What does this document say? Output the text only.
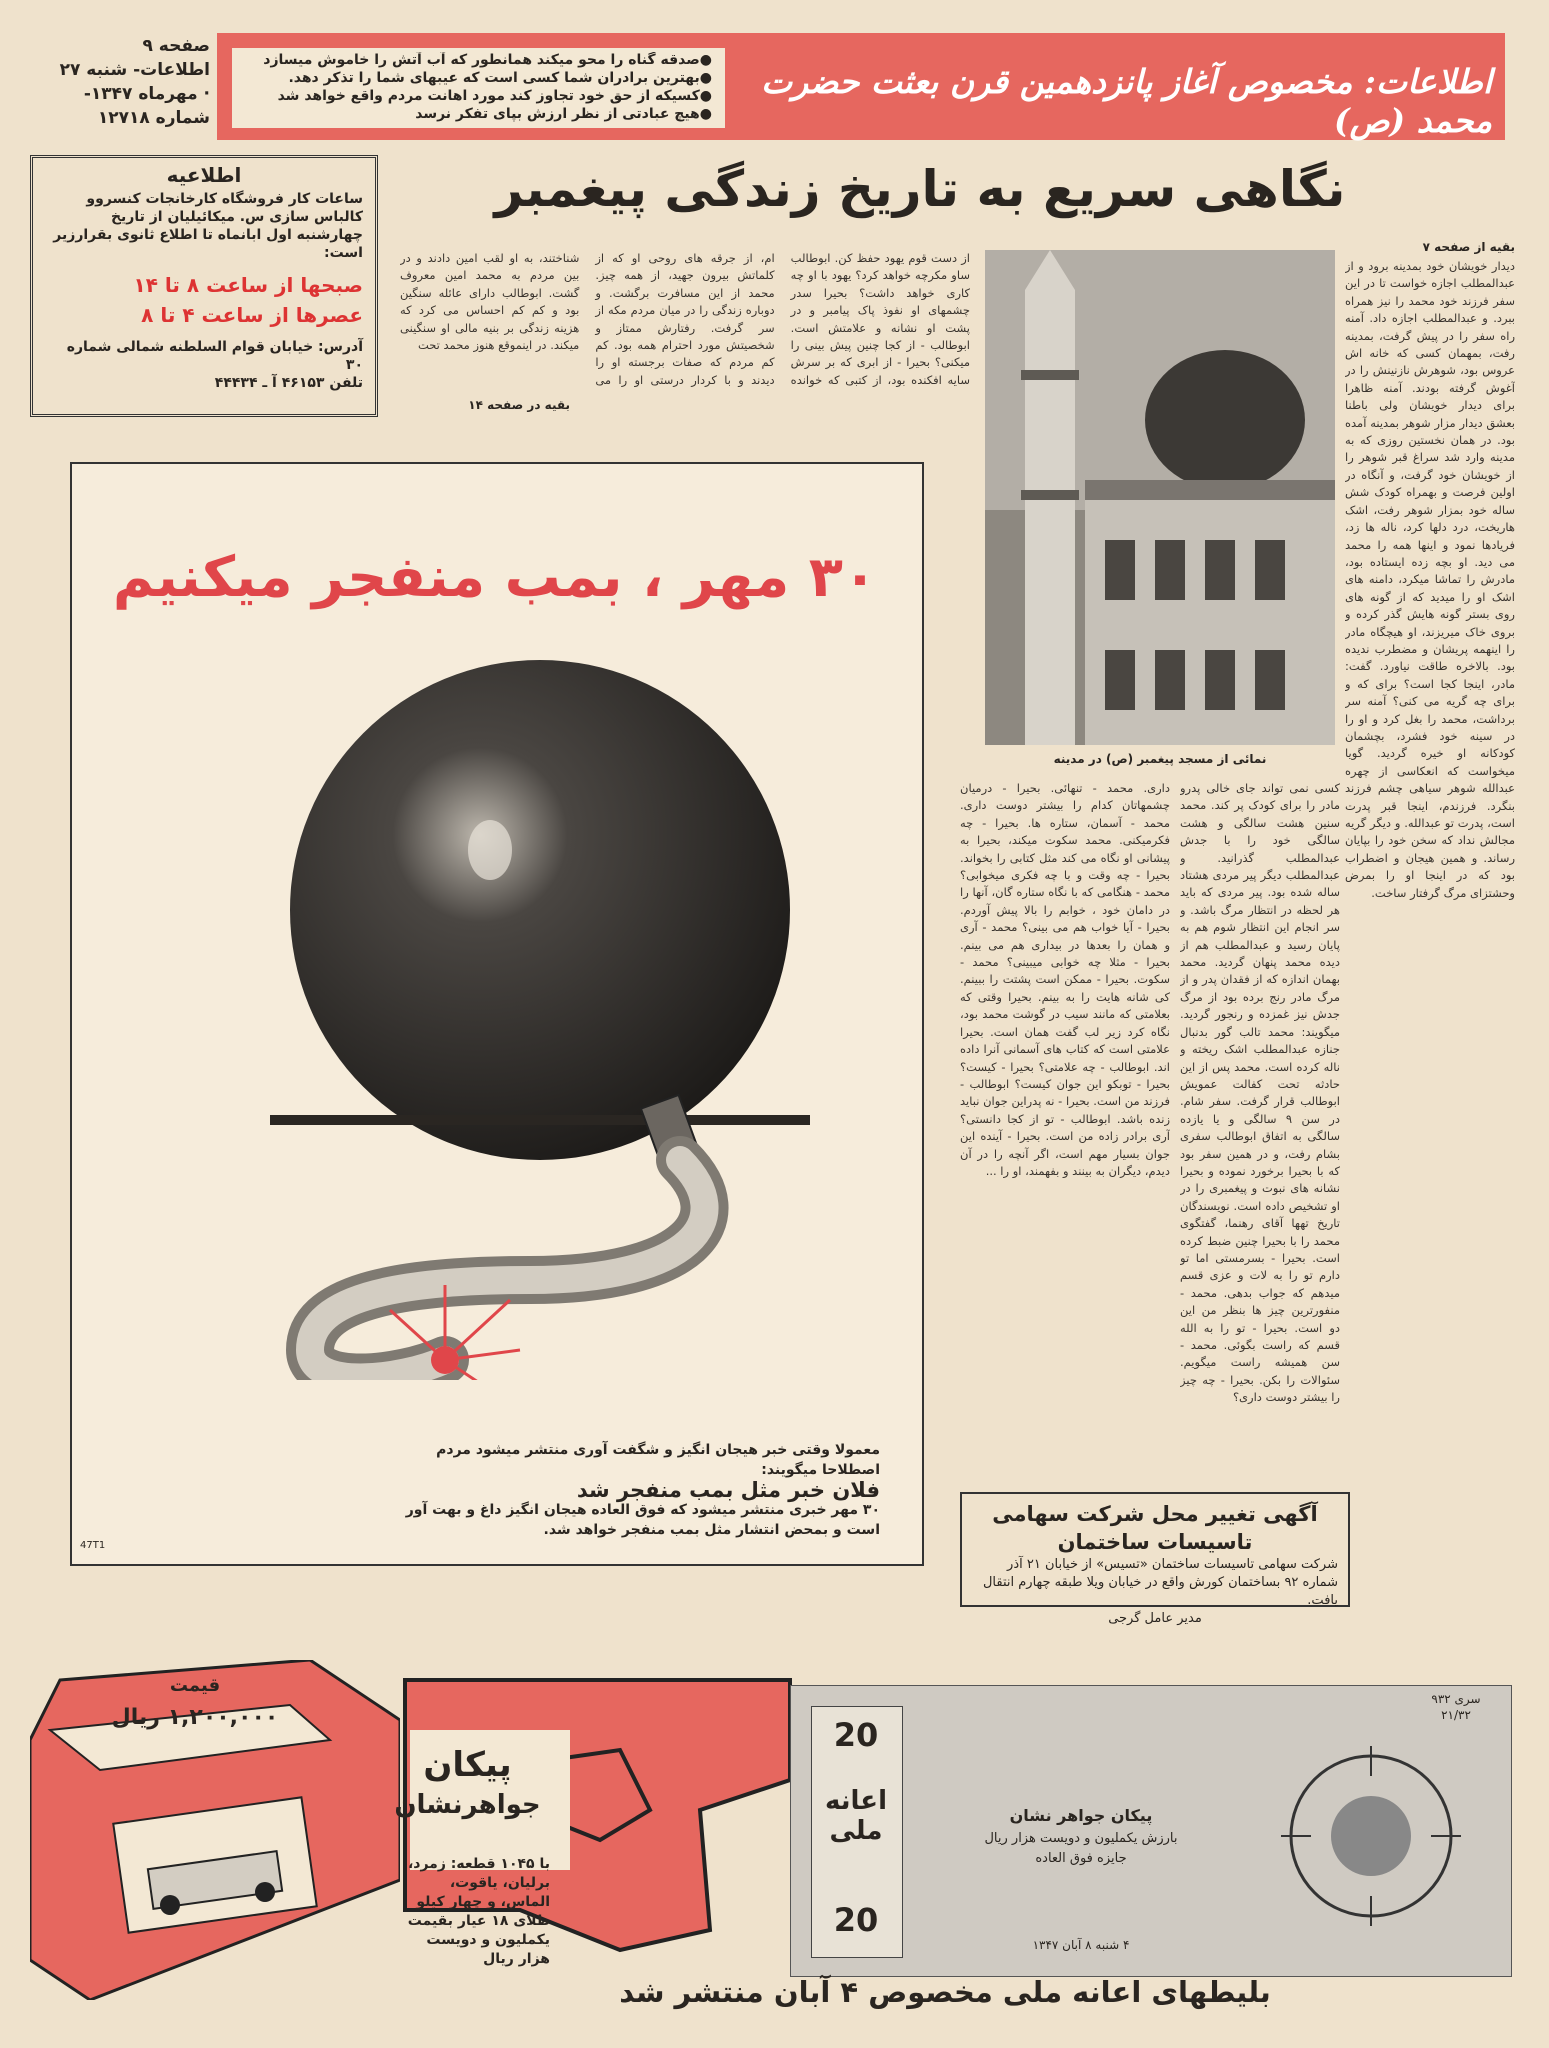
اطلاعات: مخصوص آغاز پانزدهمین قرن بعثت حضرت محمد (ص)
● صدقه گناه را محو میکند همانطور که آب آتش را خاموش میسازد
● بهترین برادران شما کسی است که عیبهای شما را تذکر دهد.
● کسیکه از حق خود تجاوز کند مورد اهانت مردم واقع خواهد شد
● هیچ عبادتی از نظر ارزش بپای تفکر نرسد
صفحه ۹
اطلاعات- شنبه ۲۷
· مهرماه ۱۳۴۷-
شماره ۱۲۷۱۸
نگاهی سریع به تاریخ زندگی پیغمبر
اطلاعیه
ساعات کار فروشگاه کارخانجات کنسروو کالباس سازی س. میکائیلیان از تاریخ چهارشنبه اول ابانماه تا اطلاع ثانوی بقرارزیر است:
صبحها از ساعت ۸ تا ۱۴
عصرها از ساعت ۴ تا ۸
آدرس: خیابان قوام السلطنه شمالی شماره ۳۰
تلفن ۴۶۱۵۳ آ ـ ۴۴۴۳۴
بقیه از صفحه ۷
دیدار خویشان خود بمدینه برود و از عبدالمطلب اجازه خواست تا در این سفر فرزند خود محمد را نیز همراه ببرد. و عبدالمطلب اجازه داد. آمنه راه سفر را در پیش گرفت، بمدینه رفت، بمهمان کسی که خانه اش عروس بود، شوهرش نازنینش را در آغوش گرفته بودند. آمنه ظاهرا برای دیدار خویشان ولی باطنا بعشق دیدار مزار شوهر بمدینه آمده بود. در همان نخستین روزی که به مدینه وارد شد سراغ قبر شوهر را از خویشان خود گرفت، و آنگاه در اولین فرصت و بهمراه کودک شش ساله خود بمزار شوهر رفت، اشک هاریخت، درد دلها کرد، ناله ها زد، فریادها نمود و اینها همه را محمد می دید. او بچه زده ایستاده بود، مادرش را تماشا میکرد، دامنه های اشک او را میدید که از گونه های روی بستر گونه هایش گذر کرده و بروی خاک میریزند، او هیچگاه مادر را اینهمه پریشان و مضطرب ندیده بود. بالاخره طاقت نیاورد. گفت: مادر، اینجا کجا است؟ برای که و برای چه گریه می کنی؟ آمنه سر برداشت، محمد را بغل کرد و او را در سینه خود فشرد، بچشمان کودکانه او خیره گردید. گویا میخواست که انعکاسی از چهره عبدالله شوهر سیاهی چشم فرزند بنگرد. فرزندم، اینجا قبر پدرت است، پدرت تو عبدالله. و دیگر گریه مجالش نداد که سخن خود را بپایان رساند. و همین هیجان و اضطراب بود که در اینجا او را بمرض وحشتزای مرگ گرفتار ساخت.
از دست قوم یهود حفظ کن. ابوطالب ساو مکرچه خواهد کرد؟ یهود با او چه کاری خواهد داشت؟ بحیرا سدر چشمهای او نفوذ پاک پیامبر و در پشت او نشانه و علامتش است. ابوطالب - از کجا چنین پیش بینی را میکنی؟ بحیرا - از ابری که بر سرش سایه افکنده بود، از کتبی که خوانده ام، از جرقه های روحی او که از کلماتش بیرون جهید، از همه چیز. محمد از این مسافرت برگشت. و دوباره زندگی را در میان مردم مکه از سر گرفت. رفتارش ممتاز و شخصیتش مورد احترام همه بود. کم کم مردم که صفات برجسته او را دیدند و با کردار درستی او را می شناختند، به او لقب امین دادند و در بین مردم به محمد امین معروف گشت. ابوطالب دارای عائله سنگین بود و کم کم احساس می کرد که هزینه زندگی بر بنیه مالی او سنگینی میکند. در اینموقع هنوز محمد تحت
بقیه در صفحه ۱۴
کسی نمی تواند جای خالی پدرو مادر را برای کودک پر کند. محمد سنین هشت سالگی و هشت سالگی خود را با جدش عبدالمطلب گذرانید. و عبدالمطلب دیگر پیر مردی هشتاد ساله شده بود. پیر مردی که باید هر لحظه در انتظار مرگ باشد. و سر انجام این انتظار شوم هم به پایان رسید و عبدالمطلب هم از دیده محمد پنهان گردید. محمد بهمان اندازه که از فقدان پدر و از مرگ مادر رنج برده بود از مرگ جدش نیز غمزده و رنجور گردید. میگویند: محمد تالب گور بدنبال جنازه عبدالمطلب اشک ریخته و ناله کرده است. محمد پس از این حادثه تحت کفالت عمویش ابوطالب قرار گرفت. سفر شام. در سن ۹ سالگی و یا یازده سالگی به اتفاق ابوطالب سفری بشام رفت، و در همین سفر بود که با بحیرا برخورد نموده و بحیرا نشانه های نبوت و پیغمبری را در او تشخیص داده است. نویسندگان تاریخ تهها آقای رهنما، گفتگوی محمد را با بحیرا چنین ضبط کرده است. بحیرا - بسرمستی اما تو دارم تو را به لات و عزی قسم میدهم که جواب بدهی. محمد - منفورترین چیز ها بنظر من این دو است. بحیرا - تو را به الله قسم که راست بگوئی. محمد - سن همیشه راست میگویم. سئوالات را بکن. بحیرا - چه چیز را بیشتر دوست داری؟
داری. محمد - تنهائی. بحیرا - درمیان چشمهاتان کدام را بیشتر دوست داری. محمد - آسمان، ستاره ها. بحیرا - چه فکرمیکنی. محمد سکوت میکند، بحیرا به پیشانی او نگاه می کند مثل کتابی را بخواند. بحیرا - چه وقت و با چه فکری میخوابی؟ محمد - هنگامی که با نگاه ستاره گان، آنها را در دامان خود ، خوابم را بالا پیش آوردم. بحیرا - آیا خواب هم می بینی؟ محمد - آری و همان را بعدها در بیداری هم می بینم. بحیرا - مثلا چه خوابی میبینی؟ محمد - سکوت. بحیرا - ممکن است پشتت را ببینم. کی شانه هایت را به بینم. بحیرا وقتی که بعلامتی که مانند سیب در گوشت محمد بود، نگاه کرد زیر لب گفت همان است. بحیرا علامتی است که کتاب های آسمانی آنرا داده اند. ابوطالب - چه علامتی؟ بحیرا - کیست؟ بحیرا - توبکو این جوان کیست؟ ابوطالب - فرزند من است. بحیرا - نه پدراین جوان نباید زنده باشد. ابوطالب - تو از کجا دانستی؟ آری برادر زاده من است. بحیرا - آینده این جوان بسیار مهم است، اگر آنچه را در آن دیدم، دیگران به بینند و بفهمند، او را ...
نمائی از مسجد پیغمبر (ص) در مدینه
۳۰ مهر ، بمب منفجر میکنیم
معمولا وقتی خبر هیجان انگیز و شگفت آوری منتشر میشود مردم اصطلاحا میگویند:
فلان خبر مثل بمب منفجر شد
۳۰ مهر خبری منتشر میشود که فوق العاده هیجان انگیز داغ و بهت آور است و بمحض انتشار مثل بمب منفجر خواهد شد.
47T1
آگهی تغییر محل شرکت سهامی تاسیسات ساختمان
شرکت سهامی تاسیسات ساختمان «تسیس» از خیابان ۲۱ آذر شماره ۹۲ بساختمان کورش واقع در خیابان ویلا طبقه چهارم انتقال یافت.
مدیر عامل گرجی
قیمت
۱,۲۰۰,۰۰۰ ریال
پیکان
جواهرنشان
با ۱۰۴۵ قطعه: زمرد، برلیان، یاقوت، الماس، و چهار کیلو طلای ۱۸ عیار بقیمت یکملیون و دویست هزار ریال
اعانه ملی
20
20
پیکان جواهر نشان
بارزش یکملیون و دویست هزار ریال
جایزه فوق العاده
سری ۹۳۲
۲۱/۳۲
۴ شنبه ۸ آبان ۱۳۴۷
بلیطهای اعانه ملی مخصوص ۴ آبان منتشر شد
